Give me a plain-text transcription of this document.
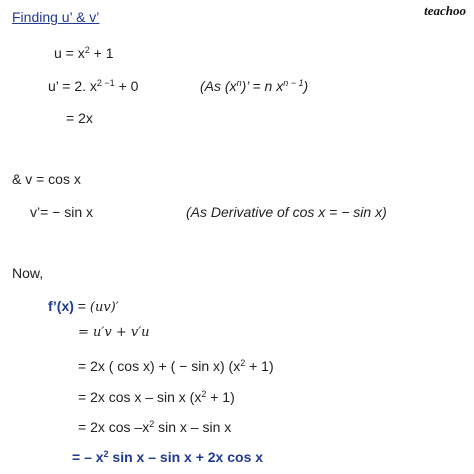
teachoo
Finding u’ & v’
$u = x^2 + 1$
u’ = 2. $x^{2 -1} + 0$	(As $(x^n)$’ = n $x^{n - 1}$)
= 2x
& v = cos x
v’= − sin x	(As Derivative of cos x = − sin x)
Now,
f’(x) = (uv)′
= u′v + v′u
= 2x ( cos x) + ( − sin x) $(x^2 + 1)$
= 2x cos x – sin x $(x^2 + 1)$
= 2x $\cos -x^2$ sin x – sin x
= – $x^2$ sin x – sin x + 2x cos x
